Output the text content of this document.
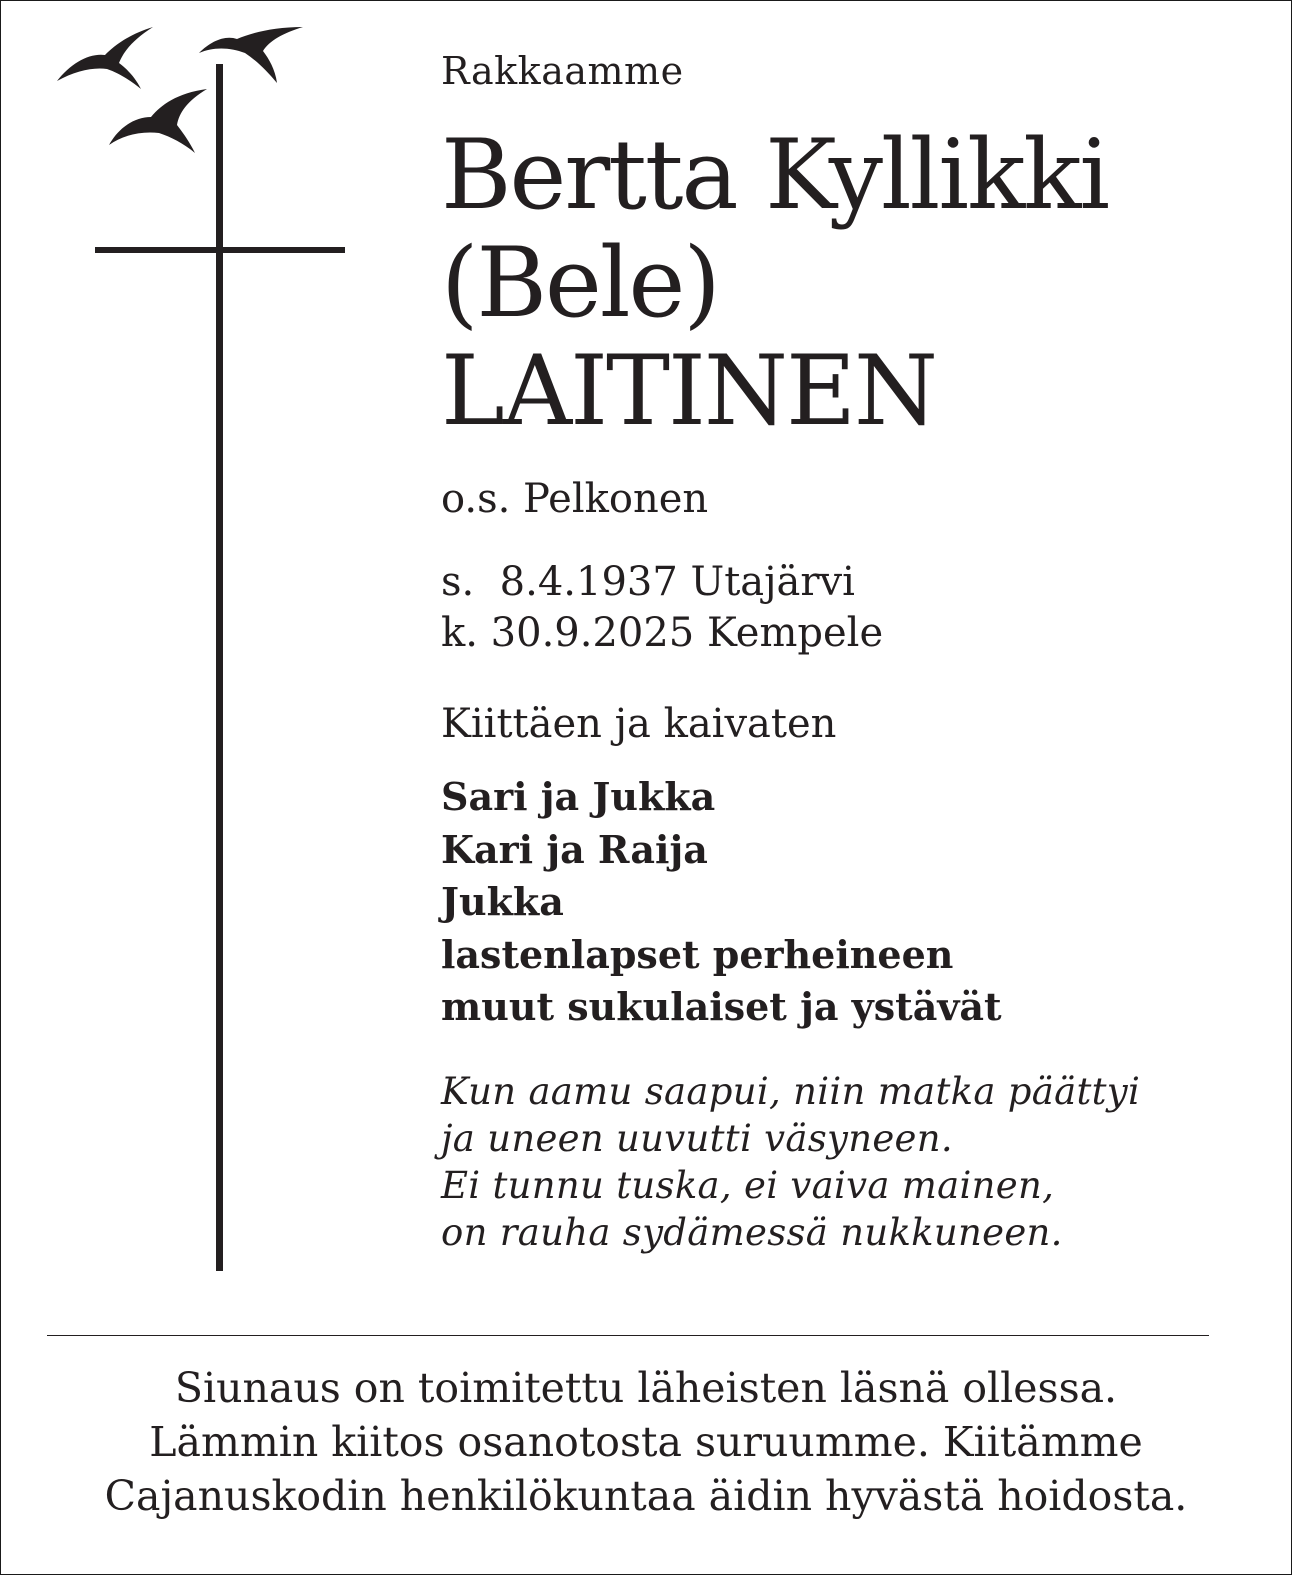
Rakkaamme

Bertta Kyllikki
(Bele)
LAITINEN

o.s. Pelkonen

s.  8.4.1937 Utajärvi
k. 30.9.2025 Kempele

Kiittäen ja kaivaten

Sari ja Jukka
Kari ja Raija
Jukka
lastenlapset perheineen
muut sukulaiset ja ystävät
Kun aamu saapui, niin matka päättyi
ja uneen uuvutti väsyneen.
Ei tunnu tuska, ei vaiva mainen,
on rauha sydämessä nukkuneen.
Siunaus on toimitettu läheisten läsnä ollessa.
Lämmin kiitos osanotosta suruumme. Kiitämme
Cajanuskodin henkilökuntaa äidin hyvästä hoidosta.
